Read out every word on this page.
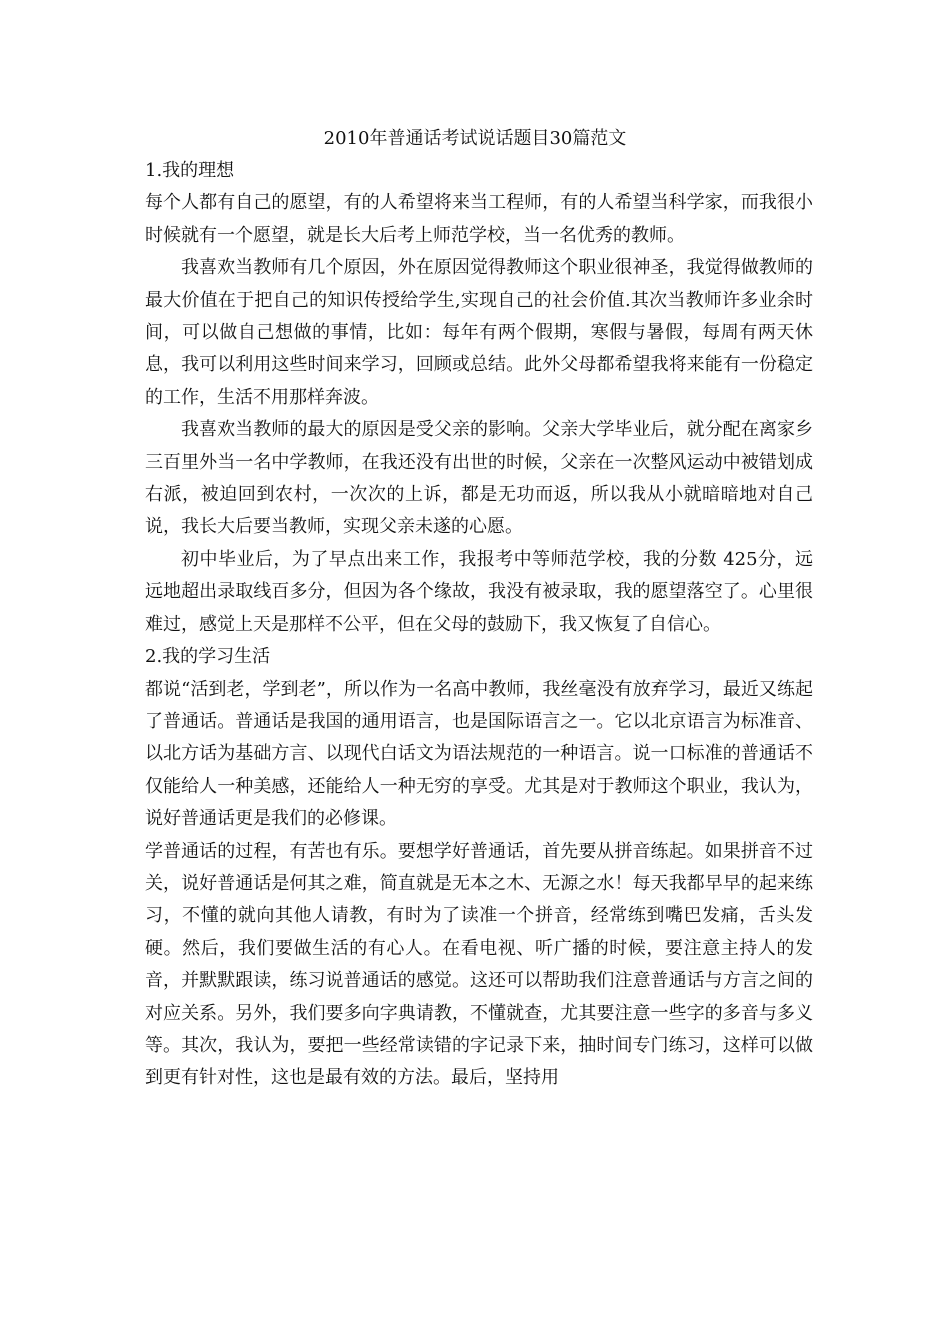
2010年普通话考试说话题目30篇范文

1.我的理想

每个人都有自己的愿望，有的人希望将来当工程师，有的人希望当科学家，而我很小时候就有一个愿望，就是长大后考上师范学校，当一名优秀的教师。

我喜欢当教师有几个原因，外在原因觉得教师这个职业很神圣，我觉得做教师的最大价值在于把自己的知识传授给学生,实现自己的社会价值.其次当教师许多业余时间，可以做自己想做的事情，比如：每年有两个假期，寒假与暑假，每周有两天休息，我可以利用这些时间来学习，回顾或总结。此外父母都希望我将来能有一份稳定的工作，生活不用那样奔波。

我喜欢当教师的最大的原因是受父亲的影响。父亲大学毕业后，就分配在离家乡三百里外当一名中学教师，在我还没有出世的时候，父亲在一次整风运动中被错划成右派，被迫回到农村，一次次的上诉，都是无功而返，所以我从小就暗暗地对自己说，我长大后要当教师，实现父亲未遂的心愿。

初中毕业后，为了早点出来工作，我报考中等师范学校，我的分数 425分，远远地超出录取线百多分，但因为各个缘故，我没有被录取，我的愿望落空了。心里很难过，感觉上天是那样不公平，但在父母的鼓励下，我又恢复了自信心。

2.我的学习生活

都说“活到老，学到老”，所以作为一名高中教师，我丝毫没有放弃学习，最近又练起了普通话。普通话是我国的通用语言，也是国际语言之一。它以北京语言为标准音、以北方话为基础方言、以现代白话文为语法规范的一种语言。说一口标准的普通话不仅能给人一种美感，还能给人一种无穷的享受。尤其是对于教师这个职业，我认为，说好普通话更是我们的必修课。

学普通话的过程，有苦也有乐。要想学好普通话，首先要从拼音练起。如果拼音不过关，说好普通话是何其之难，简直就是无本之木、无源之水！每天我都早早的起来练习，不懂的就向其他人请教，有时为了读准一个拼音，经常练到嘴巴发痛，舌头发硬。然后，我们要做生活的有心人。在看电视、听广播的时候，要注意主持人的发音，并默默跟读，练习说普通话的感觉。这还可以帮助我们注意普通话与方言之间的对应关系。另外，我们要多向字典请教，不懂就查，尤其要注意一些字的多音与多义等。其次，我认为，要把一些经常读错的字记录下来，抽时间专门练习，这样可以做到更有针对性，这也是最有效的方法。最后，坚持用
